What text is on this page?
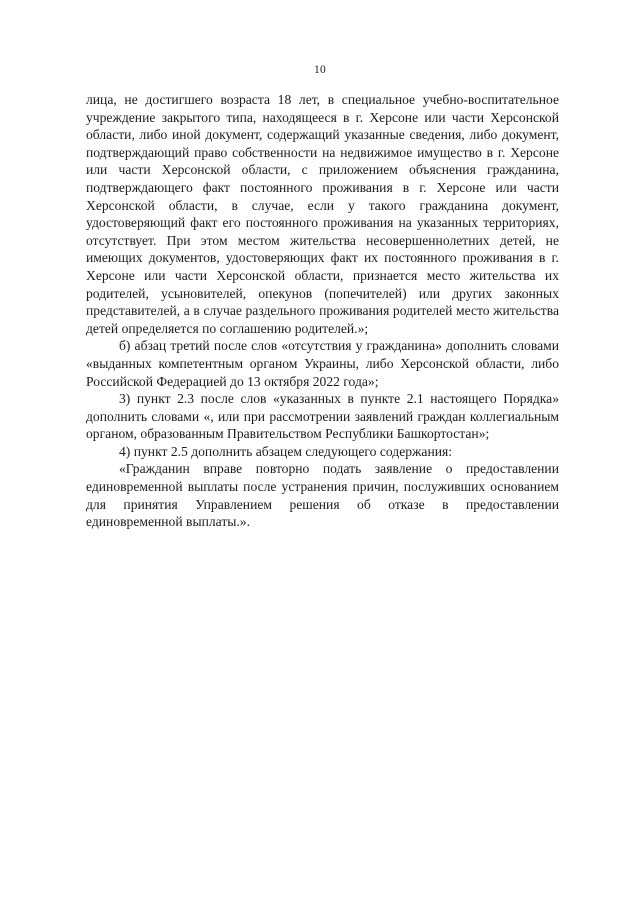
10

лица, не достигшего возраста 18 лет, в специальное учебно-воспитательное учреждение закрытого типа, находящееся в г. Херсоне или части Херсонской области, либо иной документ, содержащий указанные сведения, либо документ, подтверждающий право собственности на недвижимое имущество в г. Херсоне или части Херсонской области, с приложением объяснения гражданина, подтверждающего факт постоянного проживания в г. Херсоне или части Херсонской области, в случае, если у такого гражданина документ, удостоверяющий факт его постоянного проживания на указанных территориях, отсутствует. При этом местом жительства несовершеннолетних детей, не имеющих документов, удостоверяющих факт их постоянного проживания в г. Херсоне или части Херсонской области, признается место жительства их родителей, усыновителей, опекунов (попечителей) или других законных представителей, а в случае раздельного проживания родителей место жительства детей определяется по соглашению родителей.»;

б) абзац третий после слов «отсутствия у гражданина» дополнить словами «выданных компетентным органом Украины, либо Херсонской области, либо Российской Федерацией до 13 октября 2022 года»;

3) пункт 2.3 после слов «указанных в пункте 2.1 настоящего Порядка» дополнить словами «, или при рассмотрении заявлений граждан коллегиальным органом, образованным Правительством Республики Башкортостан»;

4) пункт 2.5 дополнить абзацем следующего содержания:

«Гражданин вправе повторно подать заявление о предоставлении единовременной выплаты после устранения причин, послуживших основанием для принятия Управлением решения об отказе в предоставлении единовременной выплаты.».
